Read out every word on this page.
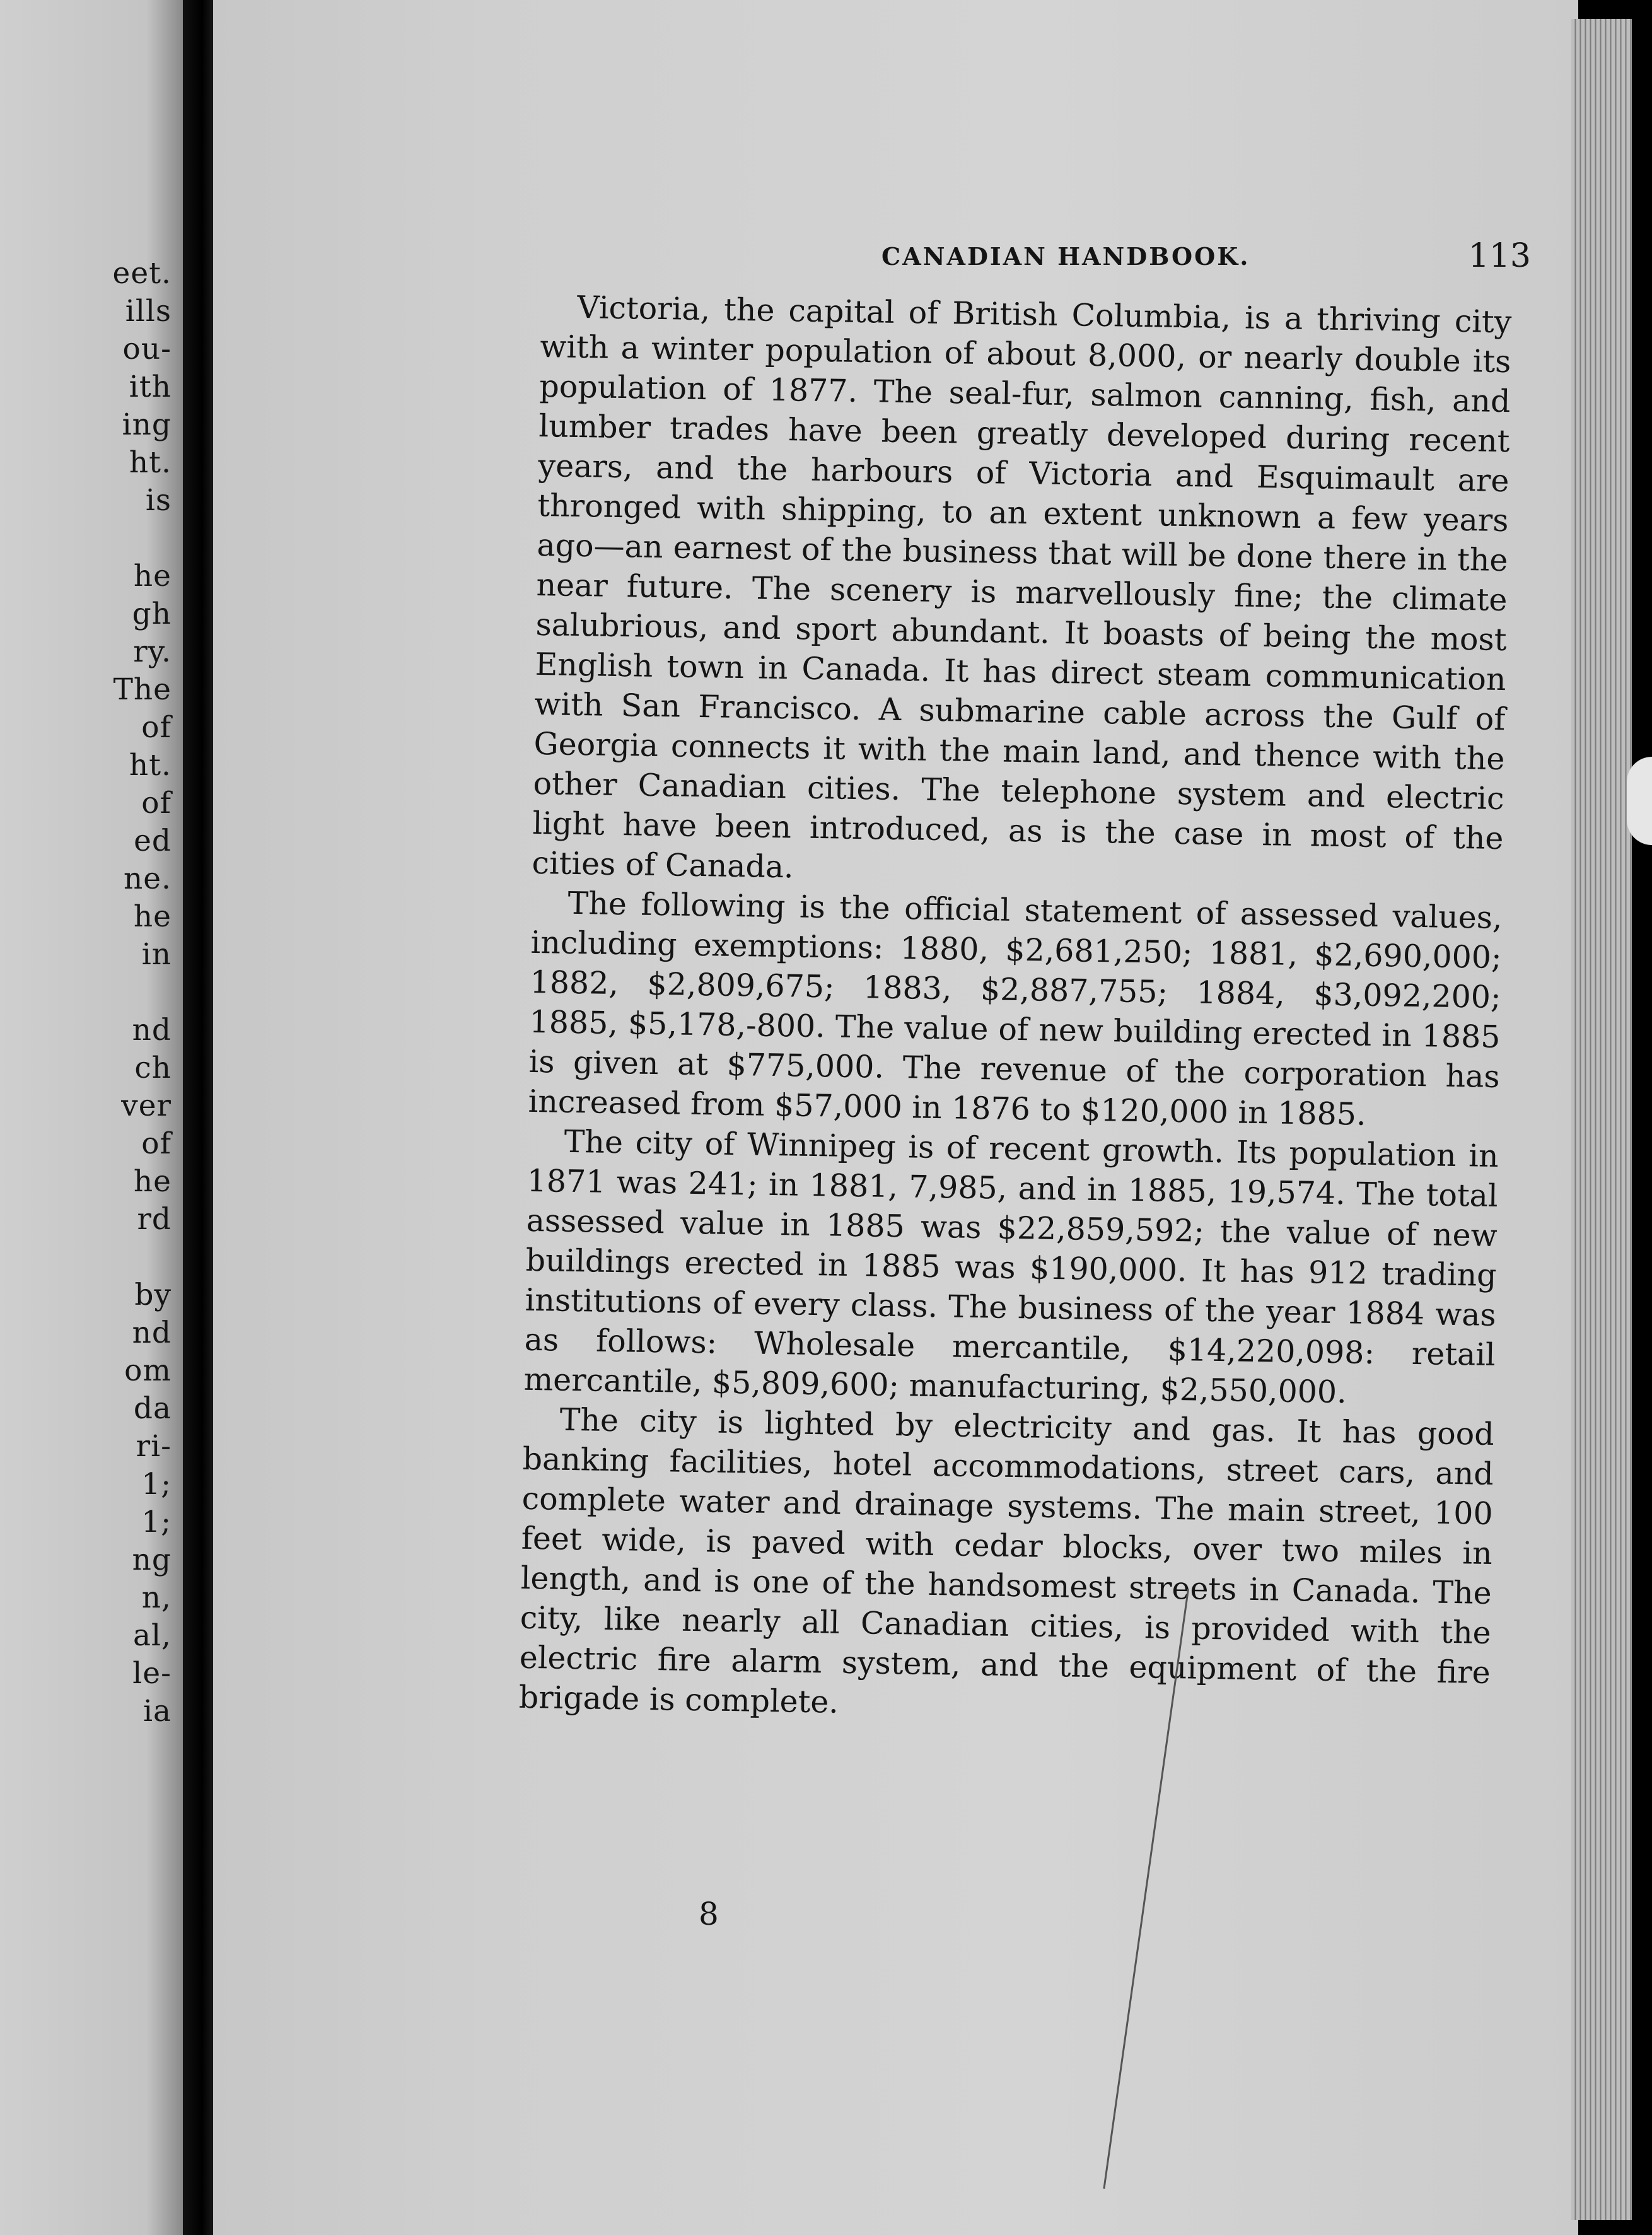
eet.
ills
ou-
ith
ing
ht.
is
he
gh
ry.
The
of
ht.
of
ed
ne.
he
in
nd
ch
ver
of
he
rd
by
nd
om
da
ri-
1;
1;
ng
n,
al,
le-
ia
CANADIAN HANDBOOK.	113

Victoria, the capital of British Columbia, is a thriving city with a winter population of about 8,000, or nearly double its population of 1877. The seal-fur, salmon canning, fish, and lumber trades have been greatly developed during recent years, and the harbours of Victoria and Esquimault are thronged with shipping, to an extent unknown a few years ago—an earnest of the business that will be done there in the near future. The scenery is marvellously fine; the climate salubrious, and sport abundant. It boasts of being the most English town in Canada. It has direct steam communication with San Francisco. A submarine cable across the Gulf of Georgia connects it with the main land, and thence with the other Canadian cities. The telephone system and electric light have been introduced, as is the case in most of the cities of Canada.

The following is the official statement of assessed values, including exemptions: 1880, $2,681,250; 1881, $2,690,000; 1882, $2,809,675; 1883, $2,887,755; 1884, $3,092,200; 1885, $5,178,-800. The value of new building erected in 1885 is given at $775,000. The revenue of the corporation has increased from $57,000 in 1876 to $120,000 in 1885.

The city of Winnipeg is of recent growth. Its population in 1871 was 241; in 1881, 7,985, and in 1885, 19,574. The total assessed value in 1885 was $22,859,592; the value of new buildings erected in 1885 was $190,000. It has 912 trading institutions of every class. The business of the year 1884 was as follows: Wholesale mercantile, $14,220,098: retail mercantile, $5,809,600; manufacturing, $2,550,000.

The city is lighted by electricity and gas. It has good banking facilities, hotel accommodations, street cars, and complete water and drainage systems. The main street, 100 feet wide, is paved with cedar blocks, over two miles in length, and is one of the handsomest streets in Canada. The city, like nearly all Canadian cities, is provided with the electric fire alarm system, and the equipment of the fire brigade is complete.

8
